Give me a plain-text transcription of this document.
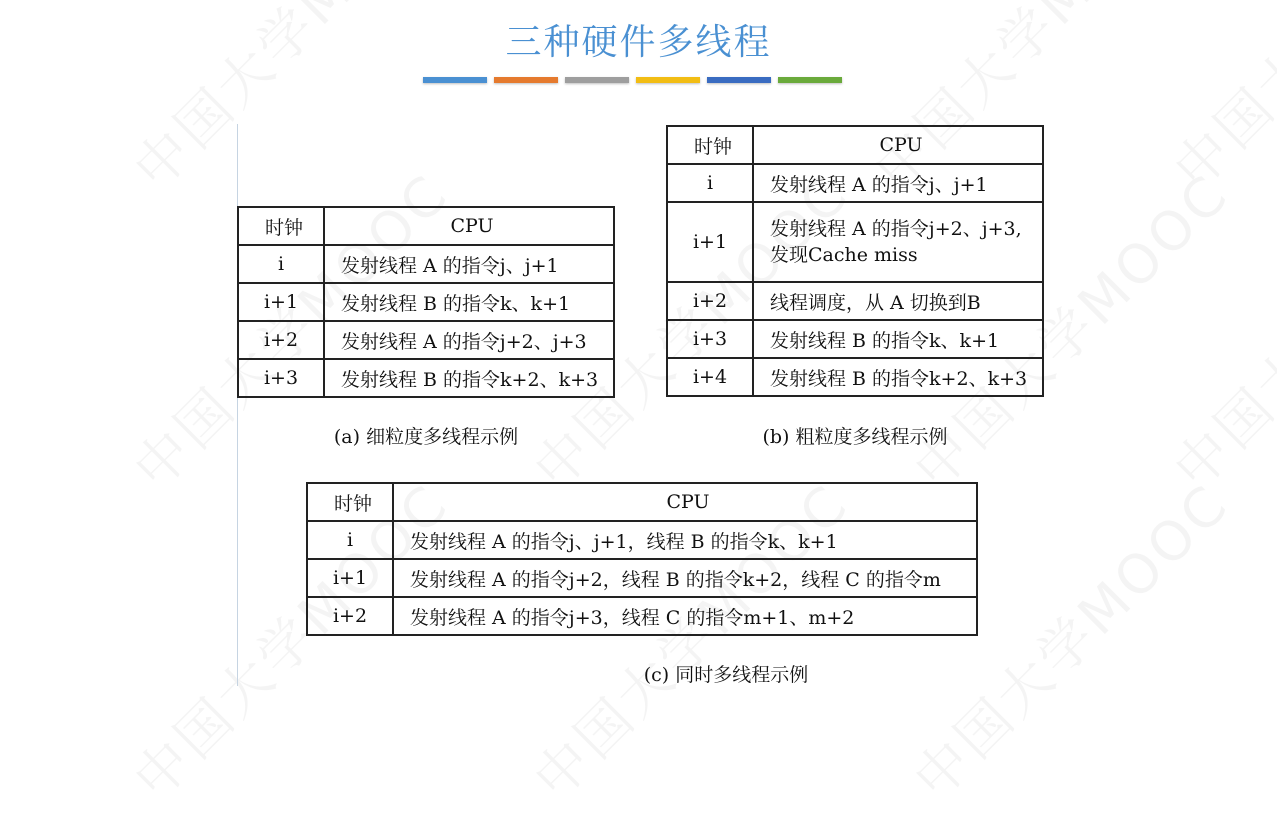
三种硬件多线程
时钟	CPU
i	发射线程 A 的指令j、j+1
i+1	发射线程 B 的指令k、k+1
i+2	发射线程 A 的指令j+2、j+3
i+3	发射线程 B 的指令k+2、k+3
(a) 细粒度多线程示例
时钟	CPU
i	发射线程 A 的指令j、j+1
i+1	发射线程 A 的指令j+2、j+3,
发现Cache miss

i+2	线程调度，从 A 切换到B
i+3	发射线程 B 的指令k、k+1
i+4	发射线程 B 的指令k+2、k+3
(b) 粗粒度多线程示例
时钟	CPU
i	发射线程 A 的指令j、j+1，线程 B 的指令k、k+1
i+1	发射线程 A 的指令j+2，线程 B 的指令k+2，线程 C 的指令m
i+2	发射线程 A 的指令j+3，线程 C 的指令m+1、m+2
(c) 同时多线程示例
